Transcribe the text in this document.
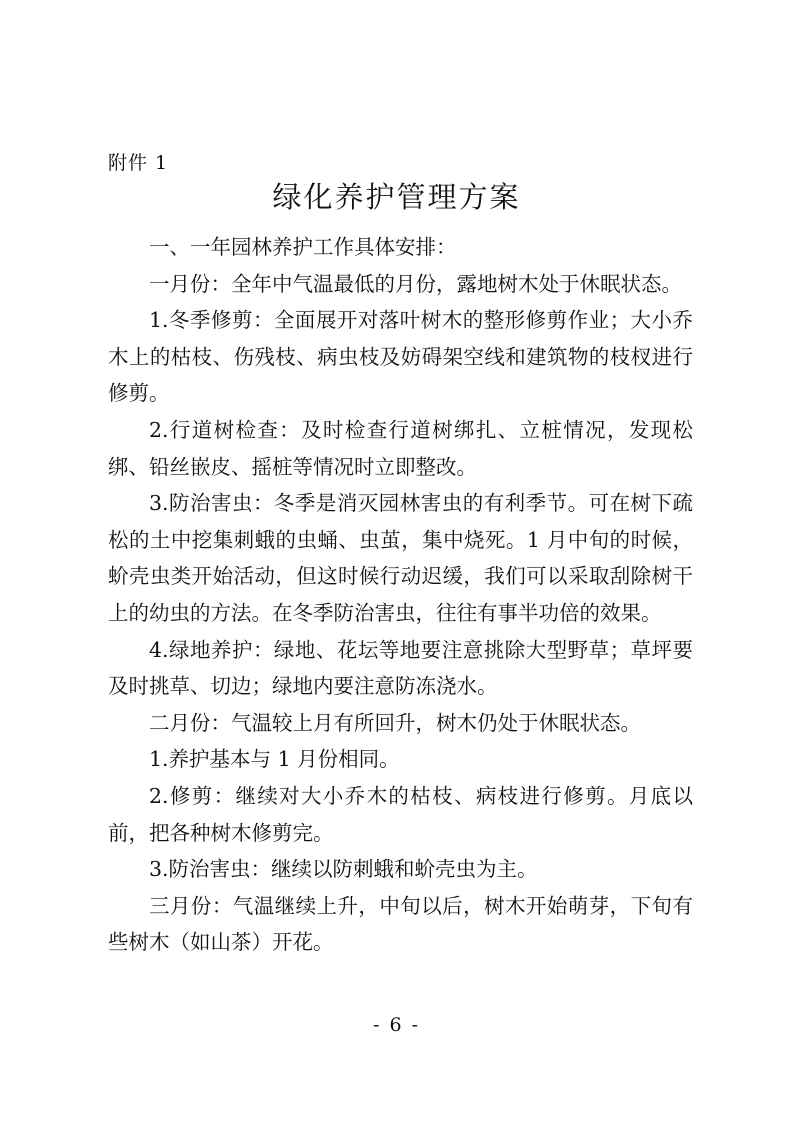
附件 1
绿化养护管理方案

一、一年园林养护工作具体安排：

一月份：全年中气温最低的月份，露地树木处于休眠状态。

1.冬季修剪：全面展开对落叶树木的整形修剪作业；大小乔木上的枯枝、伤残枝、病虫枝及妨碍架空线和建筑物的枝杈进行修剪。

2.行道树检查：及时检查行道树绑扎、立桩情况，发现松绑、铅丝嵌皮、摇桩等情况时立即整改。

3.防治害虫：冬季是消灭园林害虫的有利季节。可在树下疏松的土中挖集刺蛾的虫蛹、虫茧，集中烧死。1 月中旬的时候，蚧壳虫类开始活动，但这时候行动迟缓，我们可以采取刮除树干上的幼虫的方法。在冬季防治害虫，往往有事半功倍的效果。

4.绿地养护：绿地、花坛等地要注意挑除大型野草；草坪要及时挑草、切边；绿地内要注意防冻浇水。

二月份：气温较上月有所回升，树木仍处于休眠状态。

1.养护基本与 1 月份相同。

2.修剪：继续对大小乔木的枯枝、病枝进行修剪。月底以前，把各种树木修剪完。

3.防治害虫：继续以防刺蛾和蚧壳虫为主。

三月份：气温继续上升，中旬以后，树木开始萌芽，下旬有些树木（如山茶）开花。

- 6 -
